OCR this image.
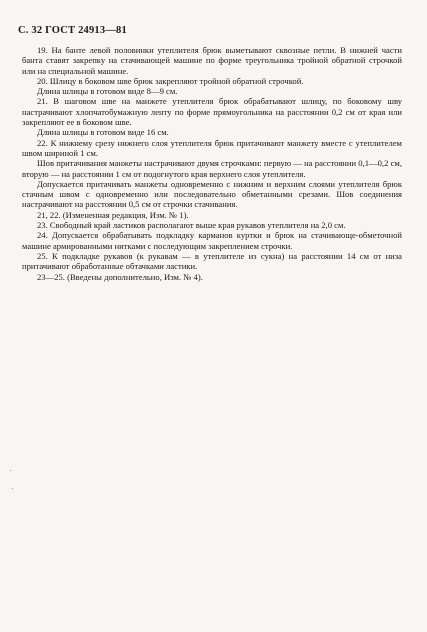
С. 32 ГОСТ 24913—81

19. На банте левой половинки утеплителя брюк выметывают сквозные петли. В нижней части банта ставят закрепку на стачивающей машине по форме треугольника тройной обратной строчкой или на специальной машине.

20. Шлицу в боковом шве брюк закрепляют тройной обратной строчкой.

Длина шлицы в готовом виде 8—9 см.

21. В шаговом шве на манжете утеплителя брюк обрабатывают шлицу, по боковому шву настрачивают хлопчатобумажную ленту по форме прямоугольника на расстоянии 0,2 см от края или закрепляют ее в боковом шве.

Длина шлицы в готовом виде 16 см.

22. К нижнему срезу нижнего слоя утеплителя брюк притачивают манжету вместе с утеплителем швом шириной 1 см.

Шов притачивания манжеты настрачивают двумя строчками: первую — на расстоянии 0,1—0,2 см, вторую — на расстоянии 1 см от подогнутого края верхнего слоя утеплителя.

Допускается притачивать манжеты одновременно с нижним и верхним слоями утеплителя брюк стачным швом с одновременно или последовательно обметанными срезами. Шов соединения настрачивают на расстоянии 0,5 см от строчки стачивания.

21, 22. (Измененная редакция, Изм. № 1).

23. Свободный край ластиков располагают выше края рукавов утеплителя на 2,0 см.

24. Допускается обрабатывать подкладку карманов куртки и брюк на стачивающе-обметочной машине армированными нитками с последующим закреплением строчки.

25. К подкладке рукавов (к рукавам — в утеплителе из сукна) на расстоянии 14 см от низа притачивают обработанные обтачками ластики.

23—25. (Введены дополнительно, Изм. № 4).
